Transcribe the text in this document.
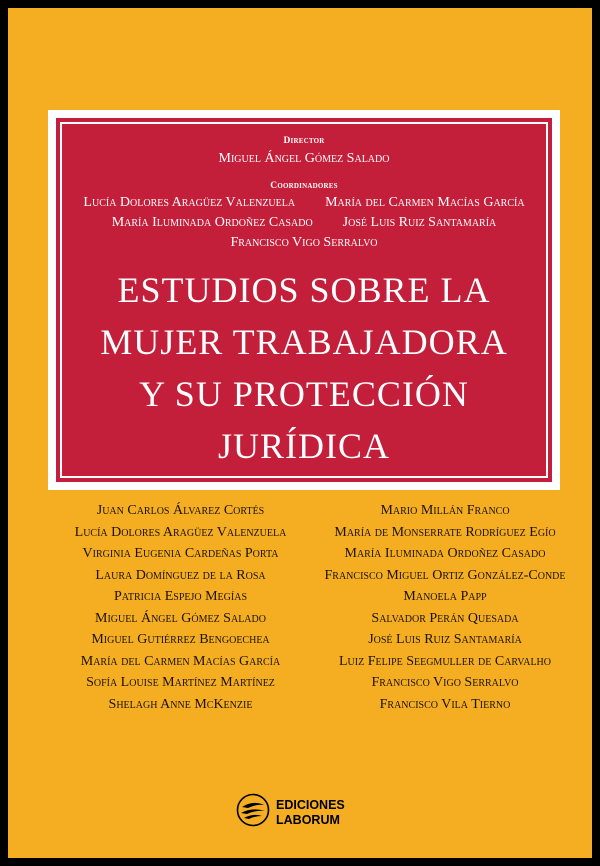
Director
Miguel Ángel Gómez Salado
Coordinadores
Lucía Dolores Aragüez Valenzuela María del Carmen Macías García
María Iluminada Ordoñez Casado José Luis Ruiz Santamaría
Francisco Vigo Serralvo
ESTUDIOS SOBRE LA
MUJER TRABAJADORA
Y SU PROTECCIÓN
JURÍDICA
Juan Carlos Álvarez Cortés
Lucía Dolores Aragüez Valenzuela
Virginia Eugenia Cardeñas Porta
Laura Domínguez de la Rosa
Patricia Espejo Megías
Miguel Ángel Gómez Salado
Miguel Gutiérrez Bengoechea
María del Carmen Macías García
Sofía Louise Martínez Martínez
Shelagh Anne McKenzie
Mario Millán Franco
María de Monserrate Rodríguez Egío
María Iluminada Ordoñez Casado
Francisco Miguel Ortiz González-Conde
Manoela Papp
Salvador Perán Quesada
José Luis Ruiz Santamaría
Luiz Felipe Seegmuller de Carvalho
Francisco Vigo Serralvo
Francisco Vila Tierno
EDICIONES
LABORUM
